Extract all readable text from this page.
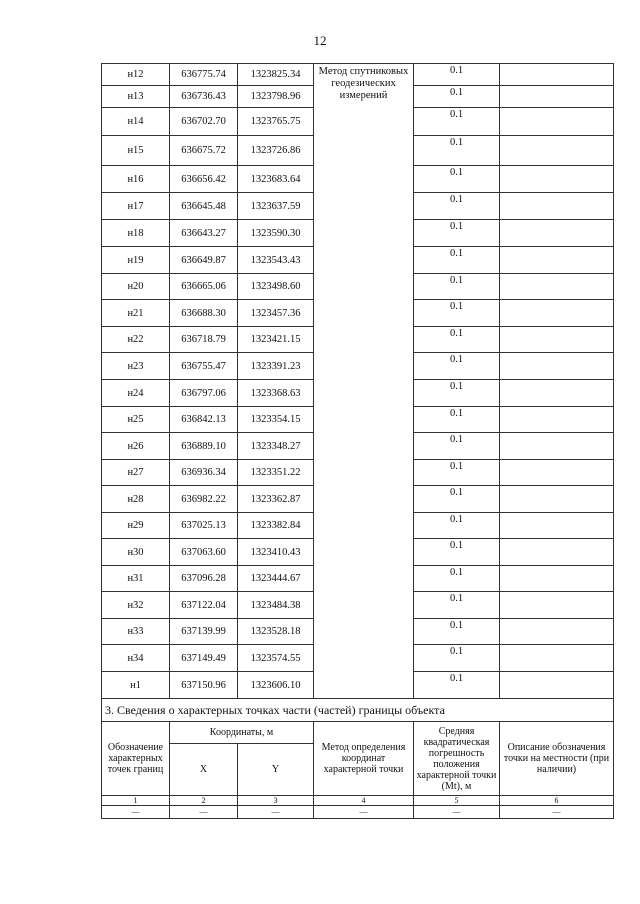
12
н12	636775.74	1323825.34	Метод спутниковых геодезических измерений	0.1	
н13	636736.43	1323798.96		0.1	
н14	636702.70	1323765.75		0.1	
н15	636675.72	1323726.86		0.1	
н16	636656.42	1323683.64		0.1	
н17	636645.48	1323637.59		0.1	
н18	636643.27	1323590.30		0.1	
н19	636649.87	1323543.43		0.1	
н20	636665.06	1323498.60		0.1	
н21	636688.30	1323457.36		0.1	
н22	636718.79	1323421.15		0.1	
н23	636755.47	1323391.23		0.1	
н24	636797.06	1323368.63		0.1	
н25	636842.13	1323354.15		0.1	
н26	636889.10	1323348.27		0.1	
н27	636936.34	1323351.22		0.1	
н28	636982.22	1323362.87		0.1	
н29	637025.13	1323382.84		0.1	
н30	637063.60	1323410.43		0.1	
н31	637096.28	1323444.67		0.1	
н32	637122.04	1323484.38		0.1	
н33	637139.99	1323528.18		0.1	
н34	637149.49	1323574.55		0.1	
н1	637150.96	1323606.10		0.1	
3. Сведения о характерных точках части (частей) границы объекта					
Обозначение характерных точек границ	Координаты, м		Метод определения координат характерной точки	Средняя квадратическая погрешность положения характерной точки (Mt), м	Описание обозначения точки на местности (при наличии)
	X	Y			
1	2	3	4	5	6
—	—	—	—	—	—
